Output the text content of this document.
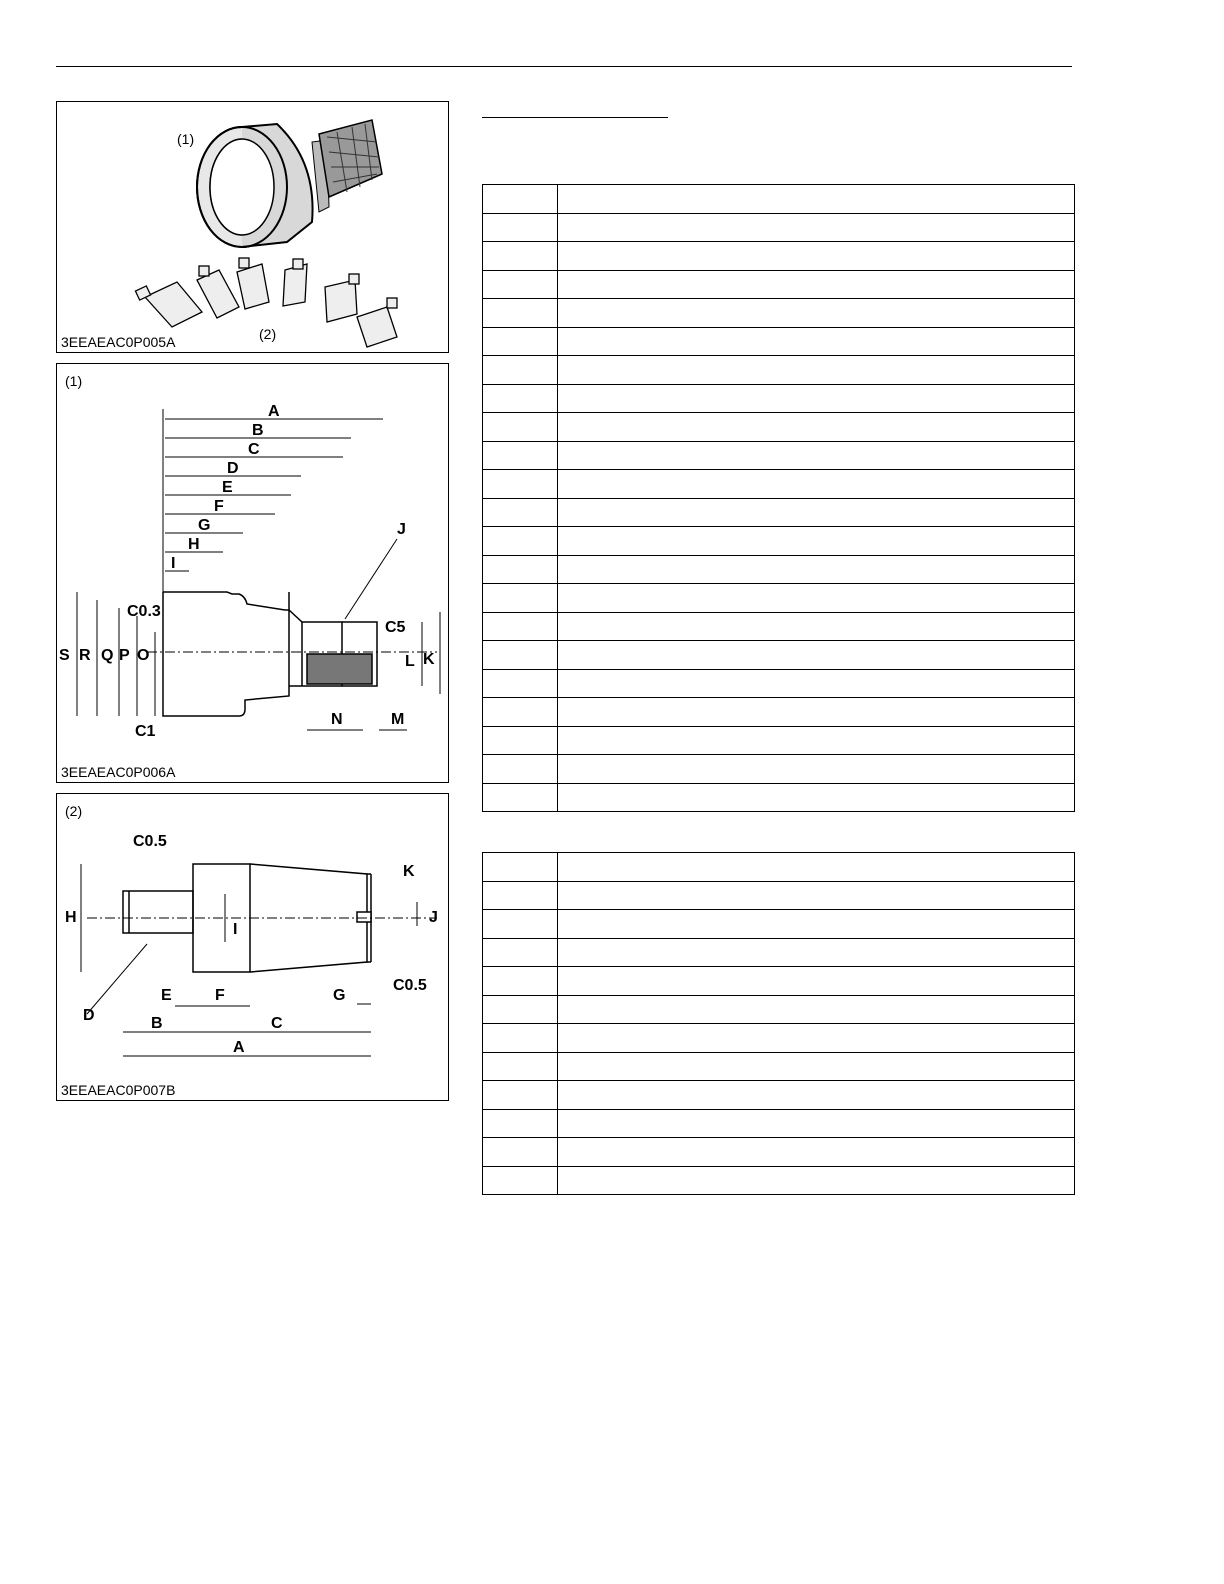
(1)
(2)
3EEAEAC0P005A
(1)
A
B
C
D
E
F
G
H
I
J
S R Q P O	L K
N	M
C1
C0.3
C5
3EEAEAC0P006A
(2)
H
I
K
J
D
E	F
B	C
A
G
C0.5
C0.5
3EEAEAC0P007B
